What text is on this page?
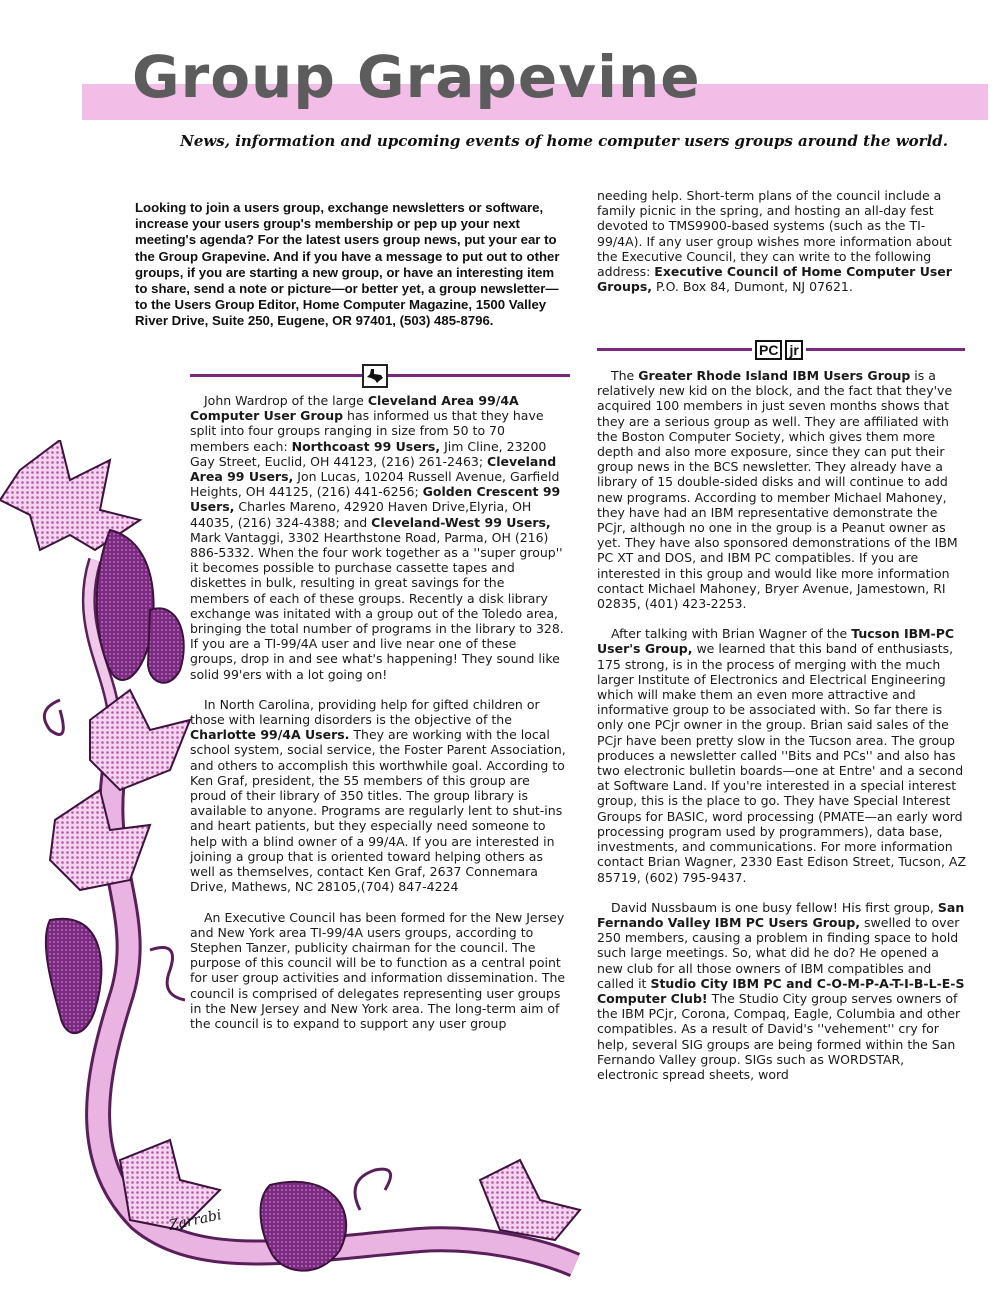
Group Grapevine

News, information and upcoming events of home computer users groups around the world.

Looking to join a users group, exchange newsletters or software, increase your users group's membership or pep up your next meeting's agenda? For the latest users group news, put your ear to the Group Grapevine. And if you have a message to put out to other groups, if you are starting a new group, or have an interesting item to share, send a note or picture—or better yet, a group newsletter—to the Users Group Editor, Home Computer Magazine, 1500 Valley River Drive, Suite 250, Eugene, OR 97401, (503) 485-8796.

Zarrabi
PC jr

needing help. Short-term plans of the council include a family picnic in the spring, and hosting an all-day fest devoted to TMS9900-based systems (such as the TI-99/4A). If any user group wishes more information about the Executive Council, they can write to the following address: Executive Council of Home Computer User Groups, P.O. Box 84, Dumont, NJ 07621.

John Wardrop of the large Cleveland Area 99/4A Computer User Group has informed us that they have split into four groups ranging in size from 50 to 70 members each: Northcoast 99 Users, Jim Cline, 23200 Gay Street, Euclid, OH 44123, (216) 261-2463; Cleveland Area 99 Users, Jon Lucas, 10204 Russell Avenue, Garfield Heights, OH 44125, (216) 441-6256; Golden Crescent 99 Users, Charles Mareno, 42920 Haven Drive,Elyria, OH 44035, (216) 324-4388; and Cleveland-West 99 Users, Mark Vantaggi, 3302 Hearthstone Road, Parma, OH (216) 886-5332. When the four work together as a ''super group'' it becomes possible to purchase cassette tapes and diskettes in bulk, resulting in great savings for the members of each of these groups. Recently a disk library exchange was initated with a group out of the Toledo area, bringing the total number of programs in the library to 328. If you are a TI-99/4A user and live near one of these groups, drop in and see what's happening! They sound like solid 99'ers with a lot going on!

In North Carolina, providing help for gifted children or those with learning disorders is the objective of the Charlotte 99/4A Users. They are working with the local school system, social service, the Foster Parent Association, and others to accomplish this worthwhile goal. According to Ken Graf, president, the 55 members of this group are proud of their library of 350 titles. The group library is available to anyone. Programs are regularly lent to shut-ins and heart patients, but they especially need someone to help with a blind owner of a 99/4A. If you are interested in joining a group that is oriented toward helping others as well as themselves, contact Ken Graf, 2637 Connemara Drive, Mathews, NC 28105,(704) 847-4224

An Executive Council has been formed for the New Jersey and New York area TI-99/4A users groups, according to Stephen Tanzer, publicity chairman for the council. The purpose of this council will be to function as a central point for user group activities and information dissemination. The council is comprised of delegates representing user groups in the New Jersey and New York area. The long-term aim of the council is to expand to support any user group

The Greater Rhode Island IBM Users Group is a relatively new kid on the block, and the fact that they've acquired 100 members in just seven months shows that they are a serious group as well. They are affiliated with the Boston Computer Society, which gives them more depth and also more exposure, since they can put their group news in the BCS newsletter. They already have a library of 15 double-sided disks and will continue to add new programs. According to member Michael Mahoney, they have had an IBM representative demonstrate the PCjr, although no one in the group is a Peanut owner as yet. They have also sponsored demonstrations of the IBM PC XT and DOS, and IBM PC compatibles. If you are interested in this group and would like more information contact Michael Mahoney, Bryer Avenue, Jamestown, RI 02835, (401) 423-2253.

After talking with Brian Wagner of the Tucson IBM-PC User's Group, we learned that this band of enthusiasts, 175 strong, is in the process of merging with the much larger Institute of Electronics and Electrical Engineering which will make them an even more attractive and informative group to be associated with. So far there is only one PCjr owner in the group. Brian said sales of the PCjr have been pretty slow in the Tucson area. The group produces a newsletter called ''Bits and PCs'' and also has two electronic bulletin boards—one at Entre' and a second at Software Land. If you're interested in a special interest group, this is the place to go. They have Special Interest Groups for BASIC, word processing (PMATE—an early word processing program used by programmers), data base, investments, and communications. For more information contact Brian Wagner, 2330 East Edison Street, Tucson, AZ 85719, (602) 795-9437.

David Nussbaum is one busy fellow! His first group, San Fernando Valley IBM PC Users Group, swelled to over 250 members, causing a problem in finding space to hold such large meetings. So, what did he do? He opened a new club for all those owners of IBM compatibles and called it Studio City IBM PC and C-O-M-P-A-T-I-B-L-E-S Computer Club! The Studio City group serves owners of the IBM PCjr, Corona, Compaq, Eagle, Columbia and other compatibles. As a result of David's ''vehement'' cry for help, several SIG groups are being formed within the San Fernando Valley group. SIGs such as WORDSTAR, electronic spread sheets, word
